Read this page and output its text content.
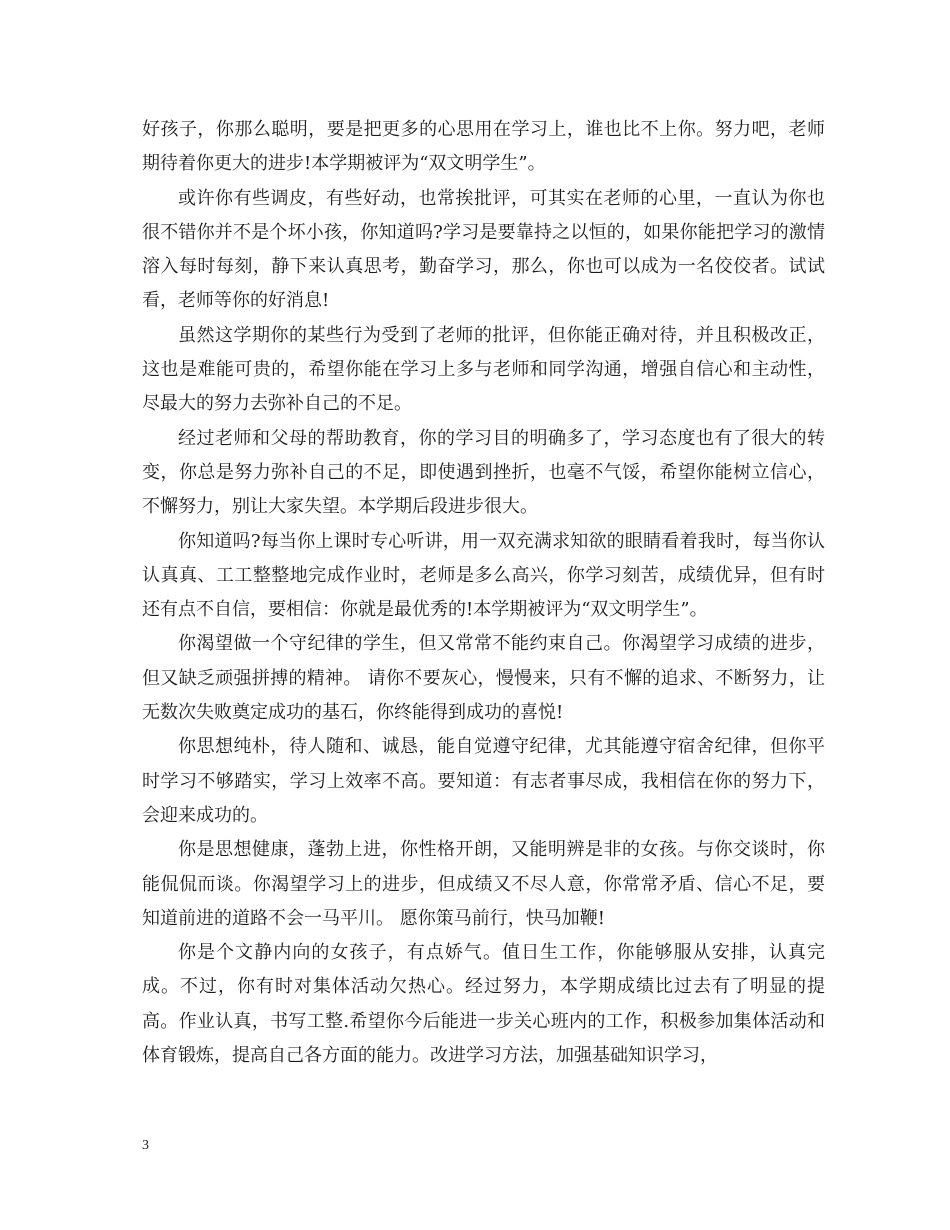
好孩子，你那么聪明，要是把更多的心思用在学习上，谁也比不上你。努力吧，老师期待着你更大的进步!本学期被评为“双文明学生”。

或许你有些调皮，有些好动，也常挨批评，可其实在老师的心里，一直认为你也很不错你并不是个坏小孩，你知道吗?学习是要靠持之以恒的，如果你能把学习的激情溶入每时每刻，静下来认真思考，勤奋学习，那么，你也可以成为一名佼佼者。试试看，老师等你的好消息!

虽然这学期你的某些行为受到了老师的批评，但你能正确对待，并且积极改正，这也是难能可贵的，希望你能在学习上多与老师和同学沟通，增强自信心和主动性，尽最大的努力去弥补自己的不足。

经过老师和父母的帮助教育，你的学习目的明确多了，学习态度也有了很大的转变，你总是努力弥补自己的不足，即使遇到挫折，也毫不气馁，希望你能树立信心，不懈努力，别让大家失望。本学期后段进步很大。

你知道吗?每当你上课时专心听讲，用一双充满求知欲的眼睛看着我时，每当你认认真真、工工整整地完成作业时，老师是多么高兴，你学习刻苦，成绩优异，但有时还有点不自信，要相信：你就是最优秀的!本学期被评为“双文明学生”。

你渴望做一个守纪律的学生，但又常常不能约束自己。你渴望学习成绩的进步，但又缺乏顽强拼搏的精神。 请你不要灰心，慢慢来，只有不懈的追求、不断努力，让无数次失败奠定成功的基石，你终能得到成功的喜悦!

你思想纯朴，待人随和、诚恳，能自觉遵守纪律，尤其能遵守宿舍纪律，但你平时学习不够踏实，学习上效率不高。要知道：有志者事尽成，我相信在你的努力下，会迎来成功的。

你是思想健康，蓬勃上进，你性格开朗，又能明辨是非的女孩。与你交谈时，你能侃侃而谈。你渴望学习上的进步，但成绩又不尽人意，你常常矛盾、信心不足，要知道前进的道路不会一马平川。 愿你策马前行，快马加鞭!

你是个文静内向的女孩子，有点娇气。值日生工作，你能够服从安排，认真完成。不过，你有时对集体活动欠热心。经过努力，本学期成绩比过去有了明显的提高。作业认真，书写工整.希望你今后能进一步关心班内的工作，积极参加集体活动和体育锻炼，提高自己各方面的能力。改进学习方法，加强基础知识学习，

3
